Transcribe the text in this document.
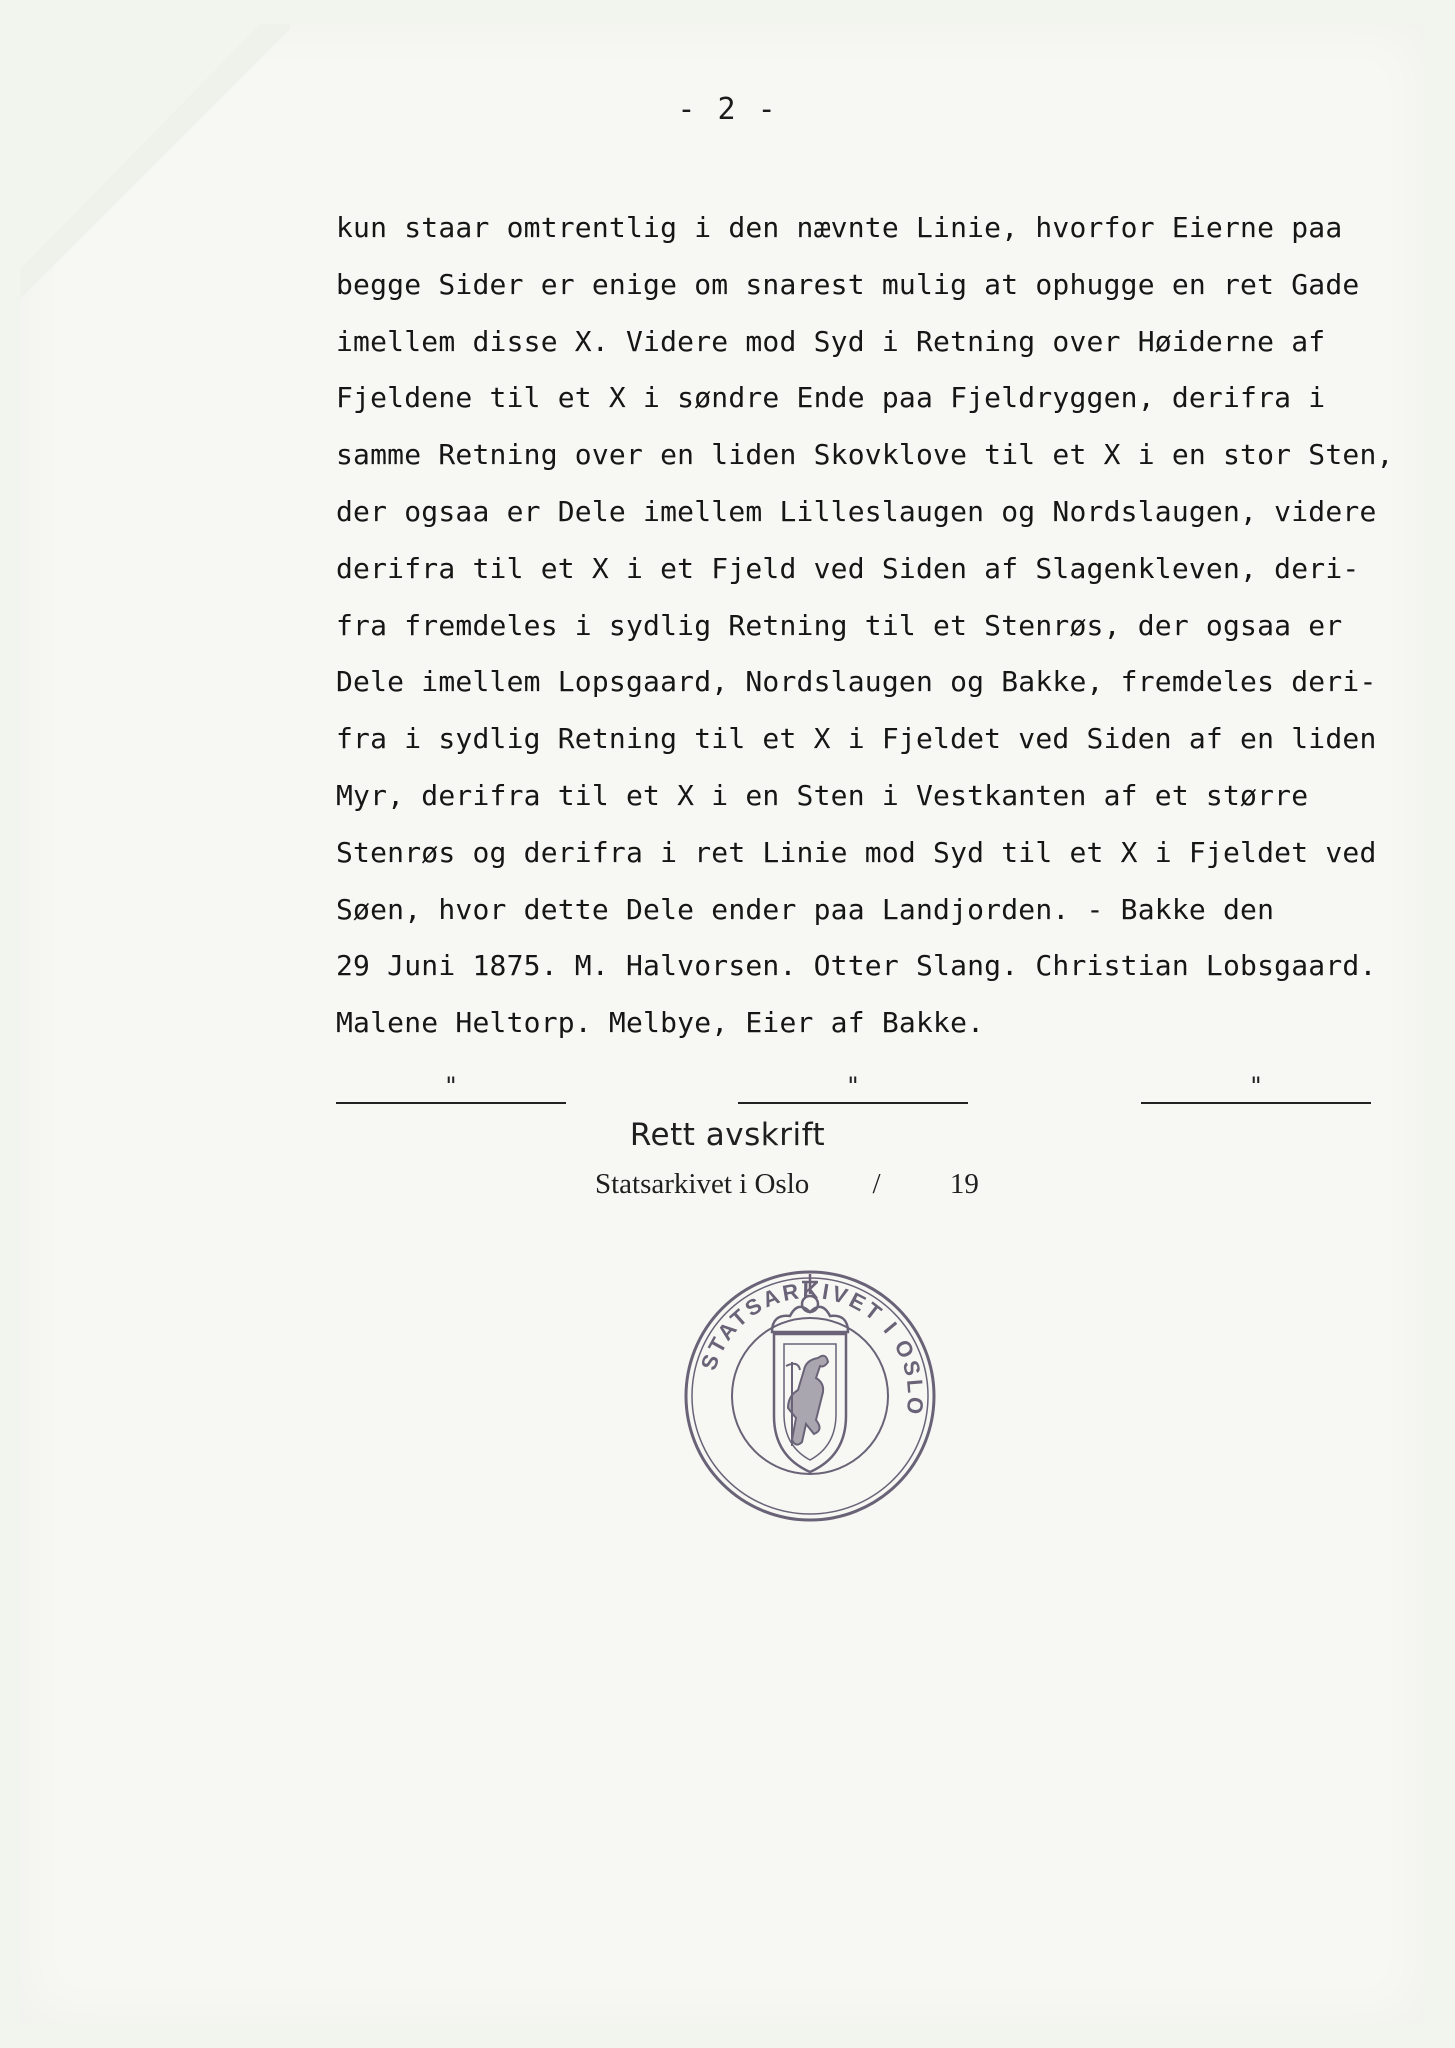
- 2 -
kun staar omtrentlig i den nævnte Linie, hvorfor Eierne paa
begge Sider er enige om snarest mulig at ophugge en ret Gade
imellem disse X. Videre mod Syd i Retning over Høiderne af
Fjeldene til et X i søndre Ende paa Fjeldryggen, derifra i
samme Retning over en liden Skovklove til et X i en stor Sten,
der ogsaa er Dele imellem Lilleslaugen og Nordslaugen, videre
derifra til et X i et Fjeld ved Siden af Slagenkleven, deri-
fra fremdeles i sydlig Retning til et Stenrøs, der ogsaa er
Dele imellem Lopsgaard, Nordslaugen og Bakke, fremdeles deri-
fra i sydlig Retning til et X i Fjeldet ved Siden af en liden
Myr, derifra til et X i en Sten i Vestkanten af et større
Stenrøs og derifra i ret Linie mod Syd til et X i Fjeldet ved
Søen, hvor dette Dele ender paa Landjorden. - Bakke den
29 Juni 1875. M. Halvorsen. Otter Slang. Christian Lobsgaard.
Malene Heltorp. Melbye, Eier af Bakke.
"	"	"
Rett avskrift
Statsarkivet i Oslo / 19
STATSARKIVET I OSLO
